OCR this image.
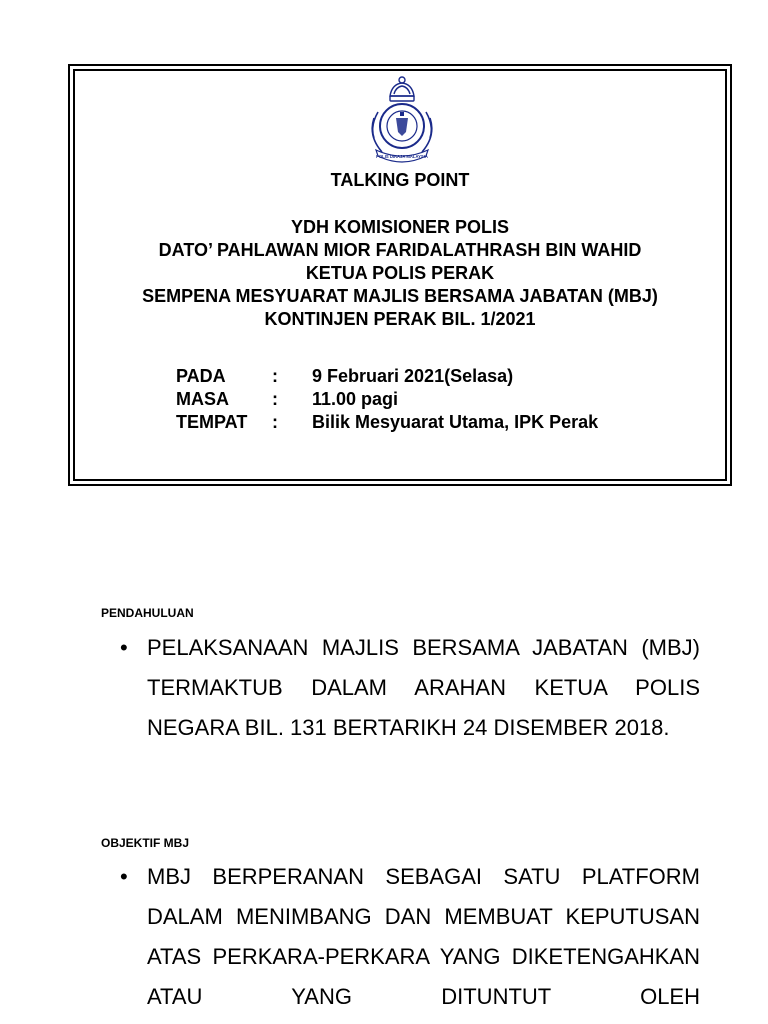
POLIS DIRAJA MALAYSIA
TALKING POINT
YDH KOMISIONER POLIS
DATO’ PAHLAWAN MIOR FARIDALATHRASH BIN WAHID
KETUA POLIS PERAK
SEMPENA MESYUARAT MAJLIS BERSAMA JABATAN (MBJ)
KONTINJEN PERAK BIL. 1/2021
PADA	:	9 Februari 2021(Selasa)
MASA	:	11.00 pagi
TEMPAT	:	Bilik Mesyuarat Utama, IPK Perak
PENDAHULUAN
• PELAKSANAAN MAJLIS BERSAMA JABATAN (MBJ) TERMAKTUB DALAM ARAHAN KETUA POLIS NEGARA BIL. 131 BERTARIKH 24 DISEMBER 2018.
OBJEKTIF MBJ
• MBJ BERPERANAN SEBAGAI SATU PLATFORM DALAM MENIMBANG DAN MEMBUAT KEPUTUSAN ATAS PERKARA-PERKARA YANG DIKETENGAHKAN ATAU YANG DITUNTUT OLEH
